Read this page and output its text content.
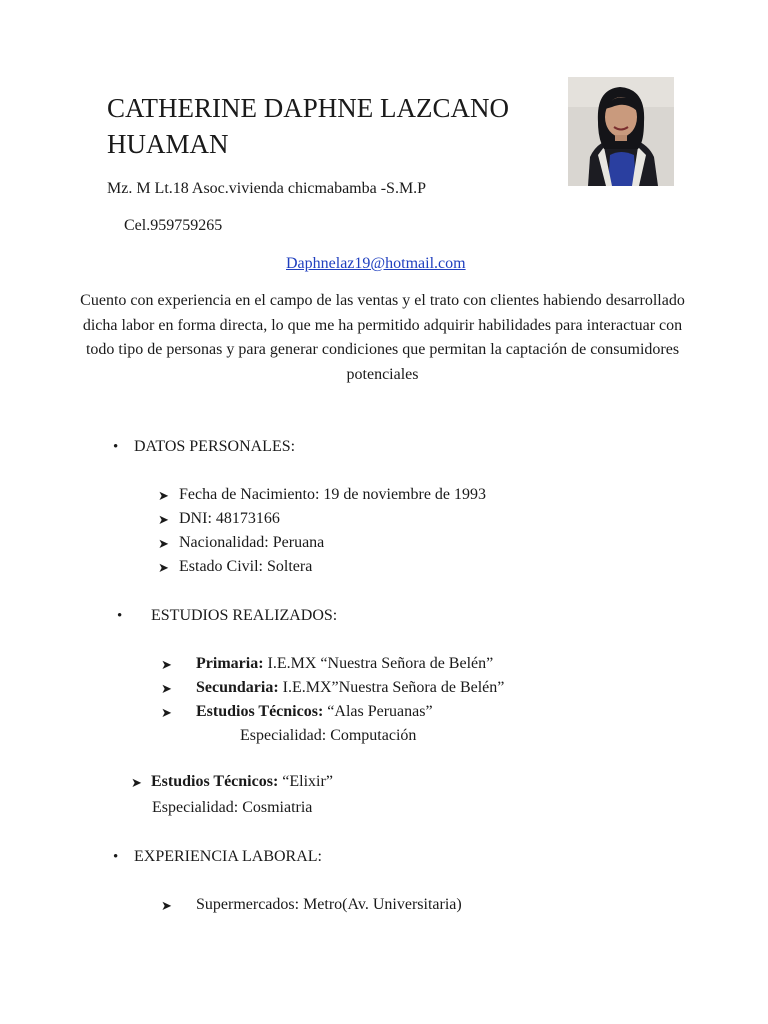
CATHERINE DAPHNE LAZCANO HUAMAN
Mz. M Lt.18 Asoc.vivienda chicmabamba -S.M.P
Cel.959759265
Daphnelaz19@hotmail.com
Cuento con experiencia en el campo de las ventas y el trato con clientes habiendo desarrollado dicha labor en forma directa, lo que me ha permitido adquirir habilidades para interactuar con todo tipo de personas y para generar condiciones que permitan la captación de consumidores potenciales
• DATOS PERSONALES:
➤ Fecha de Nacimiento: 19 de noviembre de 1993
➤ DNI: 48173166
➤ Nacionalidad: Peruana
➤ Estado Civil: Soltera
• ESTUDIOS REALIZADOS:
➤ Primaria: I.E.MX “Nuestra Señora de Belén”
➤ Secundaria: I.E.MX”Nuestra Señora de Belén”
➤ Estudios Técnicos: “Alas Peruanas”
Especialidad: Computación
➤ Estudios Técnicos: “Elixir”
Especialidad: Cosmiatria
• EXPERIENCIA LABORAL:
➤ Supermercados: Metro(Av. Universitaria)
